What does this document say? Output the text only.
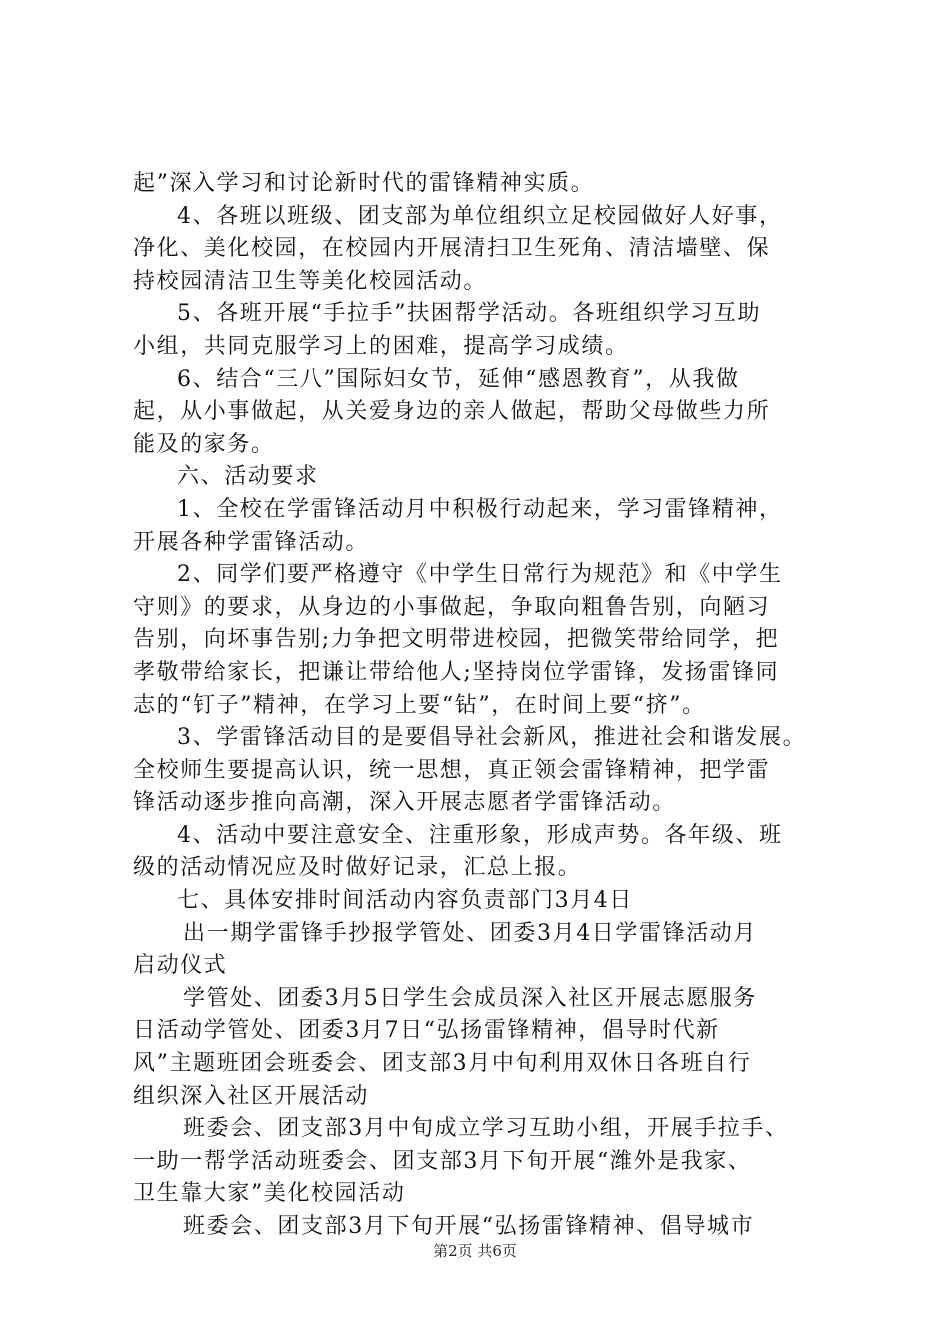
起”深入学习和讨论新时代的雷锋精神实质。
4、各班以班级、团支部为单位组织立足校园做好人好事，
净化、美化校园，在校园内开展清扫卫生死角、清洁墙壁、保
持校园清洁卫生等美化校园活动。
5、各班开展“手拉手”扶困帮学活动。各班组织学习互助
小组，共同克服学习上的困难，提高学习成绩。
6、结合“三八”国际妇女节，延伸“感恩教育”，从我做
起，从小事做起，从关爱身边的亲人做起，帮助父母做些力所
能及的家务。
六、活动要求
1、全校在学雷锋活动月中积极行动起来，学习雷锋精神，
开展各种学雷锋活动。
2、同学们要严格遵守《中学生日常行为规范》和《中学生
守则》的要求，从身边的小事做起，争取向粗鲁告别，向陋习
告别，向坏事告别;力争把文明带进校园，把微笑带给同学，把
孝敬带给家长，把谦让带给他人;坚持岗位学雷锋，发扬雷锋同
志的“钉子”精神，在学习上要“钻”，在时间上要“挤”。
3、学雷锋活动目的是要倡导社会新风，推进社会和谐发展。
全校师生要提高认识，统一思想，真正领会雷锋精神，把学雷
锋活动逐步推向高潮，深入开展志愿者学雷锋活动。
4、活动中要注意安全、注重形象，形成声势。各年级、班
级的活动情况应及时做好记录，汇总上报。
七、具体安排时间活动内容负责部门3月4日
出一期学雷锋手抄报学管处、团委3月4日学雷锋活动月
启动仪式
学管处、团委3月5日学生会成员深入社区开展志愿服务
日活动学管处、团委3月7日“弘扬雷锋精神，倡导时代新
风”主题班团会班委会、团支部3月中旬利用双休日各班自行
组织深入社区开展活动
班委会、团支部3月中旬成立学习互助小组，开展手拉手、
一助一帮学活动班委会、团支部3月下旬开展“潍外是我家、
卫生靠大家”美化校园活动
班委会、团支部3月下旬开展“弘扬雷锋精神、倡导城市
第2页 共6页
